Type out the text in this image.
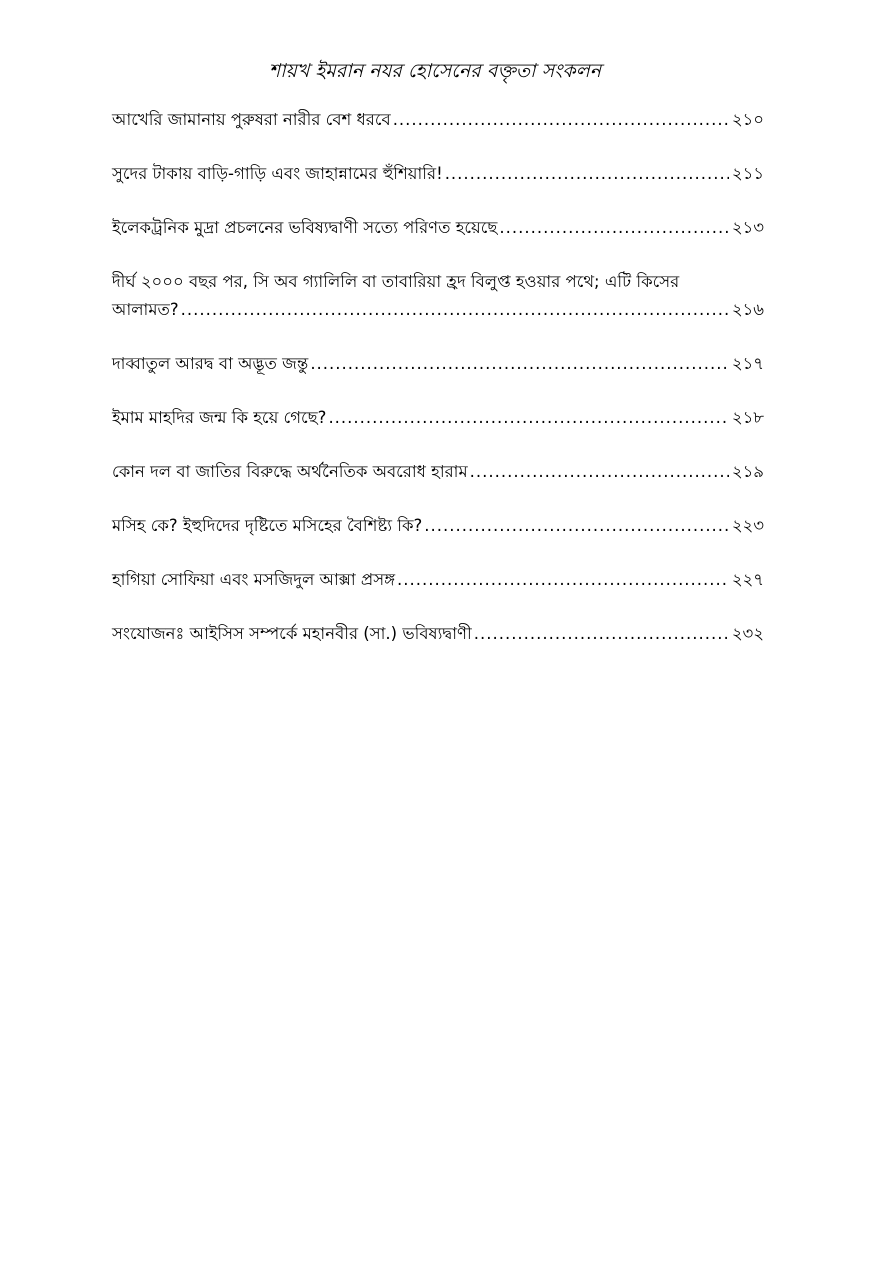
শায়খ ইমরান নযর হোসেনের বক্তৃতা সংকলন
আখেরি জামানায় পুরুষরা নারীর বেশ ধরবে .....	২১০
সুদের টাকায় বাড়ি-গাড়ি এবং জাহান্নামের হুঁশিয়ারি! .....	২১১
ইলেকট্রনিক মুদ্রা প্রচলনের ভবিষ্যদ্বাণী সত্যে পরিণত হয়েছে .....	২১৩
দীর্ঘ ২০০০ বছর পর, সি অব গ্যালিলি বা তাবারিয়া হ্রদ বিলুপ্ত হওয়ার পথে; এটি কিসের
আলামত? .....	২১৬
দাব্বাতুল আরদ্ব বা অদ্ভূত জন্তু .....	২১৭
ইমাম মাহদির জন্ম কি হয়ে গেছে? .....	২১৮
কোন দল বা জাতির বিরুদ্ধে অর্থনৈতিক অবরোধ হারাম .....	২১৯
মসিহ কে? ইহুদিদের দৃষ্টিতে মসিহের বৈশিষ্ট্য কি? .....	২২৩
হাগিয়া সোফিয়া এবং মসজিদুল আক্সা প্রসঙ্গ .....	২২৭
সংযোজনঃ আইসিস সম্পর্কে মহানবীর (সা.) ভবিষ্যদ্বাণী .....	২৩২
